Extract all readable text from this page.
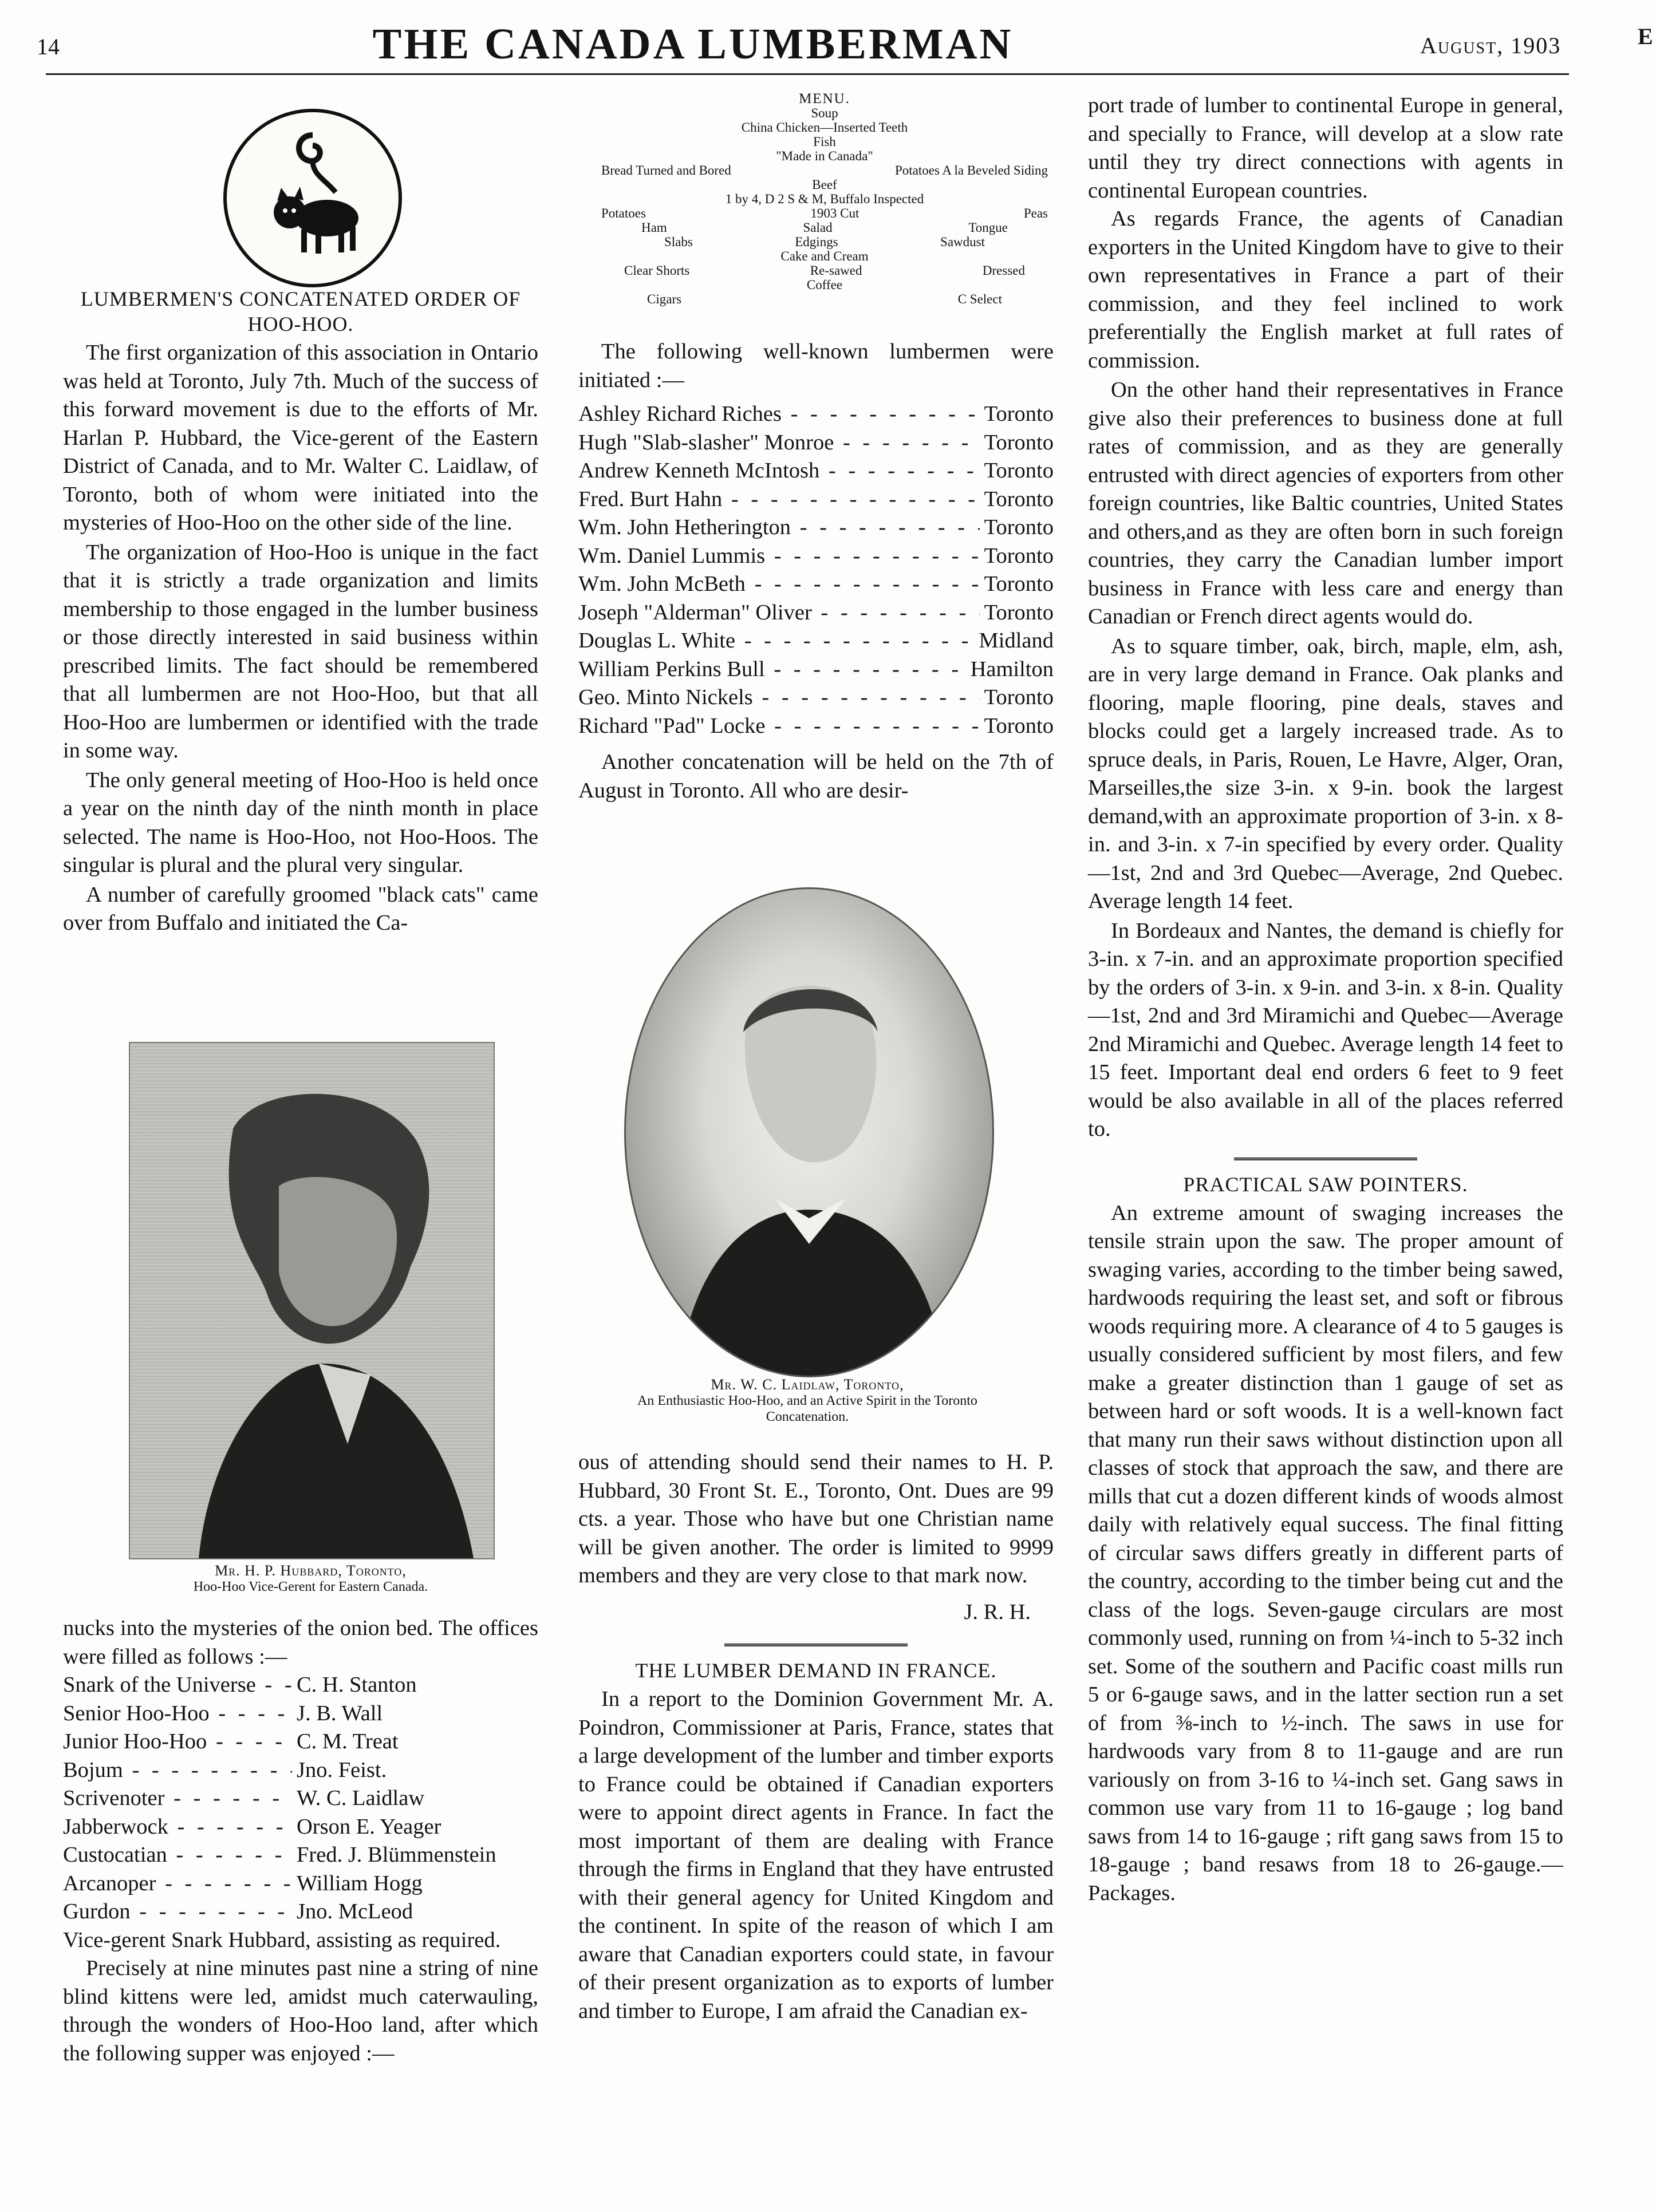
14	THE CANADA LUMBERMAN	August, 1903	E
LUMBERMEN'S CONCATENATED ORDER OF HOO-HOO.

The first organization of this association in Ontario was held at Toronto, July 7th. Much of the success of this forward movement is due to the efforts of Mr. Harlan P. Hubbard, the Vice-gerent of the Eastern District of Canada, and to Mr. Walter C. Laidlaw, of Toronto, both of whom were initiated into the mysteries of Hoo-Hoo on the other side of the line.

The organization of Hoo-Hoo is unique in the fact that it is strictly a trade organization and limits membership to those engaged in the lumber business or those directly interested in said business within prescribed limits. The fact should be remembered that all lumbermen are not Hoo-Hoo, but that all Hoo-Hoo are lumbermen or identified with the trade in some way.

The only general meeting of Hoo-Hoo is held once a year on the ninth day of the ninth month in place selected. The name is Hoo-Hoo, not Hoo-Hoos. The singular is plural and the plural very singular.

A number of carefully groomed "black cats" came over from Buffalo and initiated the Ca-

Mr. H. P. Hubbard, Toronto,
Hoo-Hoo Vice-Gerent for Eastern Canada.
nucks into the mysteries of the onion bed. The offices were filled as follows :—
Snark of the Universe - - -	C. H. Stanton
Senior Hoo-Hoo - - -	J. B. Wall
Junior Hoo-Hoo - - -	C. M. Treat
Bojum - - -	Jno. Feist.
Scrivenoter - - -	W. C. Laidlaw
Jabberwock - - -	Orson E. Yeager
Custocatian - - -	Fred. J. Blümmenstein
Arcanoper - - -	William Hogg
Gurdon - - -	Jno. McLeod
Vice-gerent Snark Hubbard, assisting as required.

Precisely at nine minutes past nine a string of nine blind kittens were led, amidst much caterwauling, through the wonders of Hoo-Hoo land, after which the following supper was enjoyed :—

MENU.
Soup
China Chicken—Inserted Teeth
Fish
"Made in Canada"
Bread Turned and Bored	Potatoes A la Beveled Siding
Beef
1 by 4, D 2 S & M, Buffalo Inspected
Potatoes	1903 Cut	Peas
Ham	Salad	Tongue
Slabs	Edgings	Sawdust
Cake and Cream
Clear Shorts	Re-sawed	Dressed
Coffee
Cigars	C Select
The following well-known lumbermen were initiated :—
Ashley Richard Riches - - -	Toronto
Hugh "Slab-slasher" Monroe - - -	Toronto
Andrew Kenneth McIntosh - - -	Toronto
Fred. Burt Hahn - - -	Toronto
Wm. John Hetherington - - -	Toronto
Wm. Daniel Lummis - - -	Toronto
Wm. John McBeth - - -	Toronto
Joseph "Alderman" Oliver - - -	Toronto
Douglas L. White - - -	Midland
William Perkins Bull - - -	Hamilton
Geo. Minto Nickels - - -	Toronto
Richard "Pad" Locke - - -	Toronto

Another concatenation will be held on the 7th of August in Toronto. All who are desir-

Mr. W. C. Laidlaw, Toronto,
An Enthusiastic Hoo-Hoo, and an Active Spirit in the Toronto Concatenation.
ous of attending should send their names to H. P. Hubbard, 30 Front St. E., Toronto, Ont. Dues are 99 cts. a year. Those who have but one Christian name will be given another. The order is limited to 9999 members and they are very close to that mark now.
J. R. H.
THE LUMBER DEMAND IN FRANCE.

In a report to the Dominion Government Mr. A. Poindron, Commissioner at Paris, France, states that a large development of the lumber and timber exports to France could be obtained if Canadian exporters were to appoint direct agents in France. In fact the most important of them are dealing with France through the firms in England that they have entrusted with their general agency for United Kingdom and the continent. In spite of the reason of which I am aware that Canadian exporters could state, in favour of their present organization as to exports of lumber and timber to Europe, I am afraid the Canadian ex-

port trade of lumber to continental Europe in general, and specially to France, will develop at a slow rate until they try direct connections with agents in continental European countries.

As regards France, the agents of Canadian exporters in the United Kingdom have to give to their own representatives in France a part of their commission, and they feel inclined to work preferentially the English market at full rates of commission.

On the other hand their representatives in France give also their preferences to business done at full rates of commission, and as they are generally entrusted with direct agencies of exporters from other foreign countries, like Baltic countries, United States and others,and as they are often born in such foreign countries, they carry the Canadian lumber import business in France with less care and energy than Canadian or French direct agents would do.

As to square timber, oak, birch, maple, elm, ash, are in very large demand in France. Oak planks and flooring, maple flooring, pine deals, staves and blocks could get a largely increased trade. As to spruce deals, in Paris, Rouen, Le Havre, Alger, Oran, Marseilles,the size 3-in. x 9-in. book the largest demand,with an approximate proportion of 3-in. x 8-in. and 3-in. x 7-in specified by every order. Quality —1st, 2nd and 3rd Quebec—Average, 2nd Quebec. Average length 14 feet.

In Bordeaux and Nantes, the demand is chiefly for 3-in. x 7-in. and an approximate proportion specified by the orders of 3-in. x 9-in. and 3-in. x 8-in. Quality—1st, 2nd and 3rd Miramichi and Quebec—Average 2nd Miramichi and Quebec. Average length 14 feet to 15 feet. Important deal end orders 6 feet to 9 feet would be also available in all of the places referred to.

PRACTICAL SAW POINTERS.

An extreme amount of swaging increases the tensile strain upon the saw. The proper amount of swaging varies, according to the timber being sawed, hardwoods requiring the least set, and soft or fibrous woods requiring more. A clearance of 4 to 5 gauges is usually considered sufficient by most filers, and few make a greater distinction than 1 gauge of set as between hard or soft woods. It is a well-known fact that many run their saws without distinction upon all classes of stock that approach the saw, and there are mills that cut a dozen different kinds of woods almost daily with relatively equal success. The final fitting of circular saws differs greatly in different parts of the country, according to the timber being cut and the class of the logs. Seven-gauge circulars are most commonly used, running on from ¼-inch to 5-32 inch set. Some of the southern and Pacific coast mills run 5 or 6-gauge saws, and in the latter section run a set of from ⅜-inch to ½-inch. The saws in use for hardwoods vary from 8 to 11-gauge and are run variously on from 3-16 to ¼-inch set. Gang saws in common use vary from 11 to 16-gauge ; log band saws from 14 to 16-gauge ; rift gang saws from 15 to 18-gauge ; band resaws from 18 to 26-gauge.—Packages.
